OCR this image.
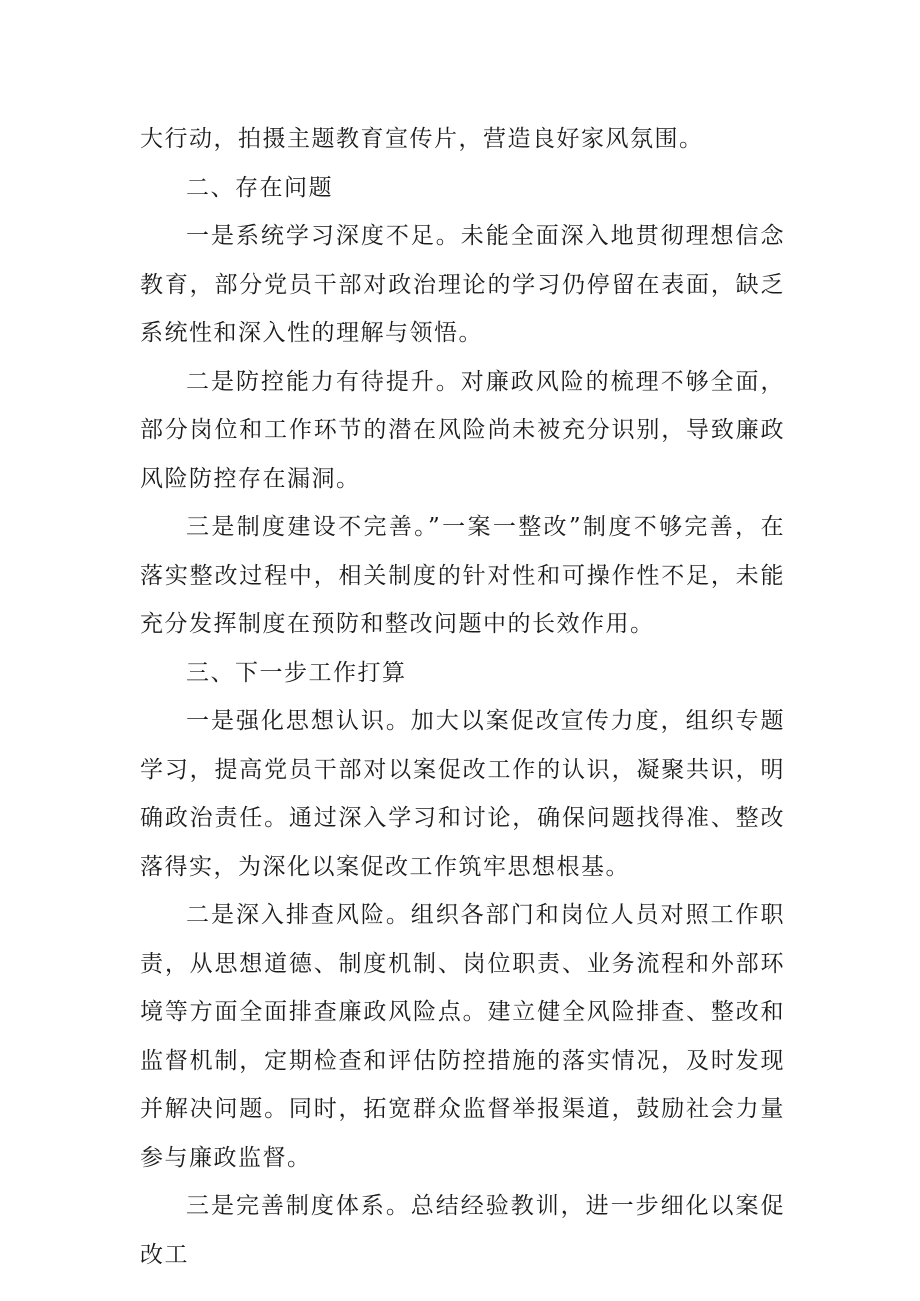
大行动，拍摄主题教育宣传片，营造良好家风氛围。

二、存在问题

一是系统学习深度不足。未能全面深入地贯彻理想信念教育，部分党员干部对政治理论的学习仍停留在表面，缺乏系统性和深入性的理解与领悟。

二是防控能力有待提升。对廉政风险的梳理不够全面，部分岗位和工作环节的潜在风险尚未被充分识别，导致廉政风险防控存在漏洞。

三是制度建设不完善。”一案一整改”制度不够完善，在落实整改过程中，相关制度的针对性和可操作性不足，未能充分发挥制度在预防和整改问题中的长效作用。

三、下一步工作打算

一是强化思想认识。加大以案促改宣传力度，组织专题学习，提高党员干部对以案促改工作的认识，凝聚共识，明确政治责任。通过深入学习和讨论，确保问题找得准、整改落得实，为深化以案促改工作筑牢思想根基。

二是深入排查风险。组织各部门和岗位人员对照工作职责，从思想道德、制度机制、岗位职责、业务流程和外部环境等方面全面排查廉政风险点。建立健全风险排查、整改和监督机制，定期检查和评估防控措施的落实情况，及时发现并解决问题。同时，拓宽群众监督举报渠道，鼓励社会力量参与廉政监督。

三是完善制度体系。总结经验教训，进一步细化以案促改工
